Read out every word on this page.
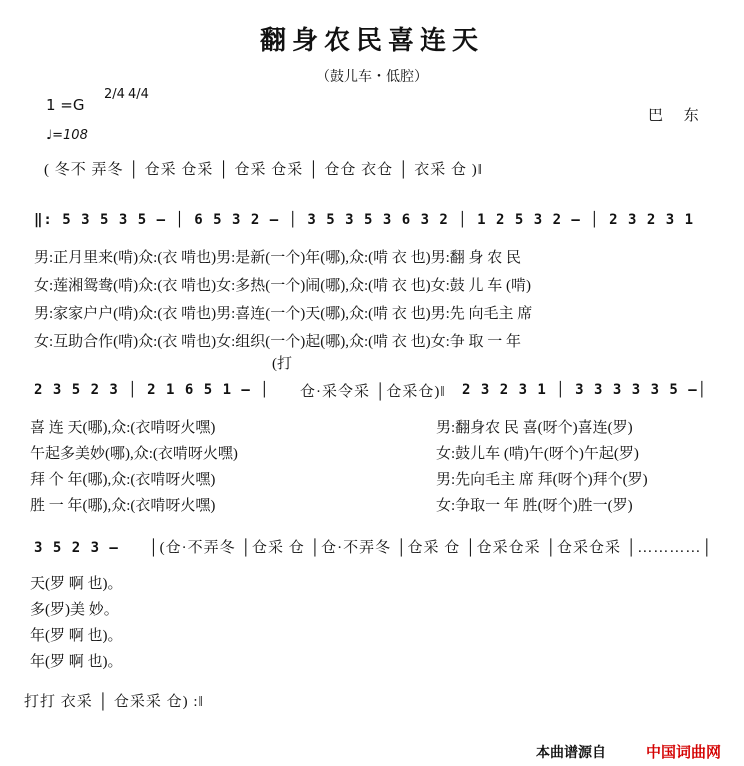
翻身农民喜连天
（鼓儿车・低腔）
1 =G
2/4 4/4
♩=108
巴 东
( 冬不 弄冬 │ 仓采 仓采 │ 仓采 仓采 │ 仓仓 衣仓 │ 衣采 仓 )‖
‖: 5 3 5 3 5 — │ 6 5 3 2 — │ 3 5 3 5 3 6 3 2 │ 1 2 5 3 2 — │ 2 3 2 3 1
男:正月里来(啃)众:(衣 啃也)男:是新(一个)年(哪),众:(啃 衣 也)男:翻 身 农 民
女:莲湘鸳鸯(啃)众:(衣 啃也)女:多热(一个)闹(哪),众:(啃 衣 也)女:鼓 儿 车 (啃)
男:家家户户(啃)众:(衣 啃也)男:喜连(一个)天(哪),众:(啃 衣 也)男:先 向毛主 席
女:互助合作(啃)众:(衣 啃也)女:组织(一个)起(哪),众:(啃 衣 也)女:争 取 一 年
(打
2 3 5 2 3 │ 2 1 6 5 1 — │ 仓·采令采 │仓采仓)‖ 2 3 2 3 1 │ 3 3 3 3 3 5 —│
喜 连 天(哪),众:(衣啃呀火嘿)
午起多美妙(哪),众:(衣啃呀火嘿)
拜 个 年(哪),众:(衣啃呀火嘿)
胜 一 年(哪),众:(衣啃呀火嘿)
男:翻身农 民 喜(呀个)喜连(罗)
女:鼓儿车 (啃)午(呀个)午起(罗)
男:先向毛主 席 拜(呀个)拜个(罗)
女:争取一 年 胜(呀个)胜一(罗)
3 5 2 3 — │(仓·不弄冬 │仓采 仓 │仓·不弄冬 │仓采 仓 │仓采仓采 │仓采仓采 │…………│
天(罗 啊 也)。
多(罗)美 妙。
年(罗 啊 也)。
年(罗 啊 也)。
打打 衣采 │ 仓采采 仓) :‖
本曲谱源自	中国词曲网
